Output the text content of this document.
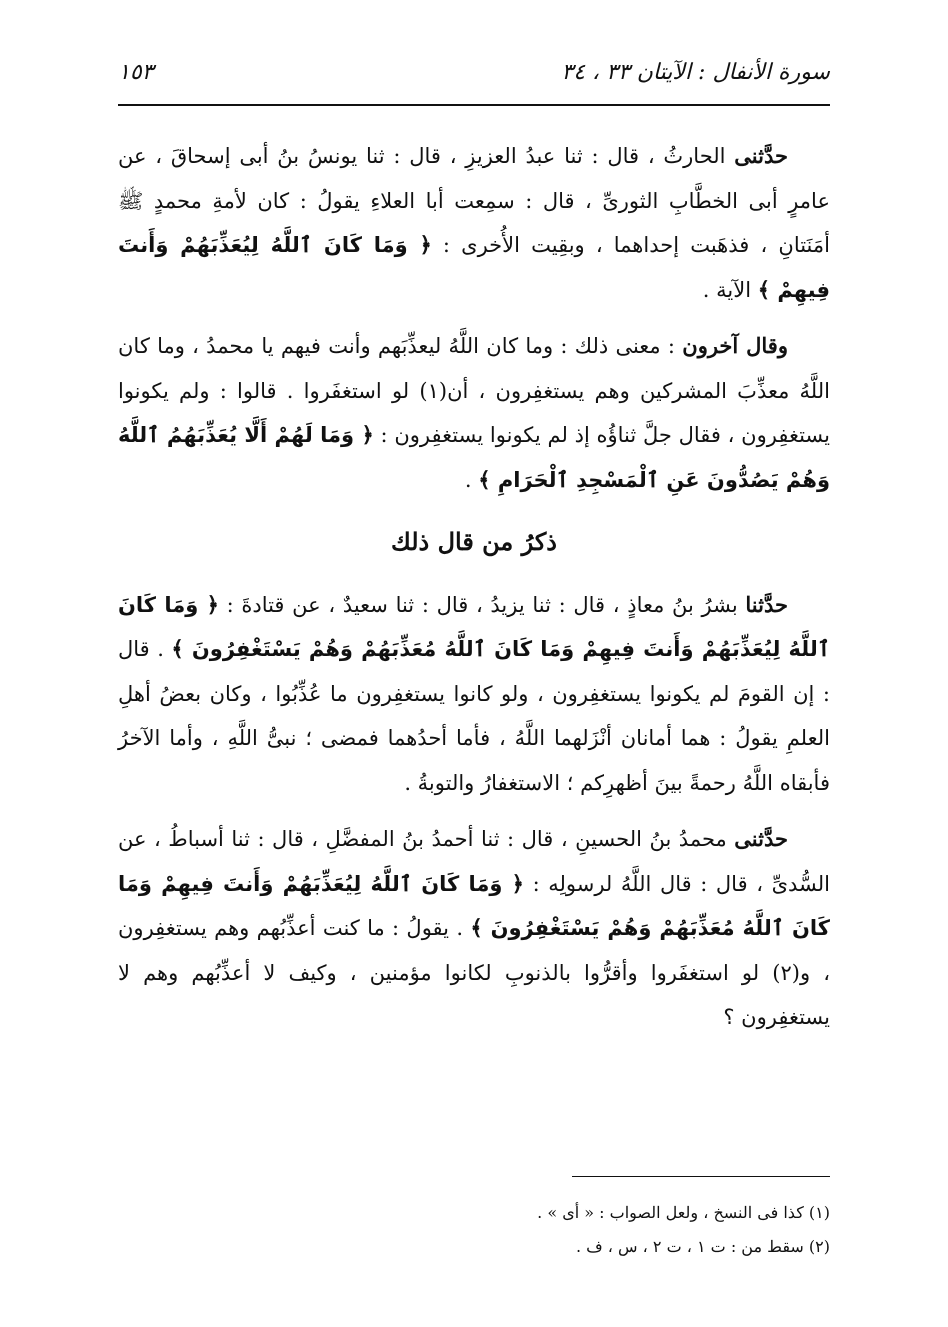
سورة الأنفال : الآيتان ٣٣ ، ٣٤
١٥٣

حدَّثنى الحارثُ ، قال : ثنا عبدُ العزيزِ ، قال : ثنا يونسُ بنُ أبى إسحاقَ ، عن عامرٍ أبى الخطَّابِ الثورىِّ ، قال : سمِعت أبا العلاءِ يقولُ : كان لأمةِ محمدٍ ﷺ أمَنَتانِ ، فذهَبت إحداهما ، وبقِيت الأُخرى : ﴿ وَمَا كَانَ ٱللَّهُ لِيُعَذِّبَهُمْ وَأَنتَ فِيهِمْ ﴾ الآية .

وقال آخرون : معنى ذلك : وما كان اللَّهُ ليعذِّبَهم وأنت فيهم يا محمدُ ، وما كان اللَّهُ معذِّبَ المشركين وهم يستغفِرون ، أن(١) لو استغفَروا . قالوا : ولم يكونوا يستغفِرون ، فقال جلَّ ثناؤُه إذ لم يكونوا يستغفِرون : ﴿ وَمَا لَهُمْ أَلَّا يُعَذِّبَهُمُ ٱللَّهُ وَهُمْ يَصُدُّونَ عَنِ ٱلْمَسْجِدِ ٱلْحَرَامِ ﴾ .

ذكرُ من قال ذلك

حدَّثنا بشرُ بنُ معاذٍ ، قال : ثنا يزيدُ ، قال : ثنا سعيدٌ ، عن قتادةَ : ﴿ وَمَا كَانَ ٱللَّهُ لِيُعَذِّبَهُمْ وَأَنتَ فِيهِمْ وَمَا كَانَ ٱللَّهُ مُعَذِّبَهُمْ وَهُمْ يَسْتَغْفِرُونَ ﴾ . قال : إن القومَ لم يكونوا يستغفِرون ، ولو كانوا يستغفِرون ما عُذِّبُوا ، وكان بعضُ أهلِ العلمِ يقولُ : هما أمانان أنْزَلهما اللَّهُ ، فأما أحدُهما فمضى ؛ نبىُّ اللَّهِ ، وأما الآخرُ فأبقاه اللَّهُ رحمةً بينَ أظهرِكم ؛ الاستغفارُ والتوبةُ .

حدَّثنى محمدُ بنُ الحسينِ ، قال : ثنا أحمدُ بنُ المفضَّلِ ، قال : ثنا أسباطُ ، عن السُّدىِّ ، قال : قال اللَّهُ لرسولِه : ﴿ وَمَا كَانَ ٱللَّهُ لِيُعَذِّبَهُمْ وَأَنتَ فِيهِمْ وَمَا كَانَ ٱللَّهُ مُعَذِّبَهُمْ وَهُمْ يَسْتَغْفِرُونَ ﴾ . يقولُ : ما كنت أعذِّبُهم وهم يستغفِرون ، و(٢) لو استغفَروا وأقرُّوا بالذنوبِ لكانوا مؤمنين ، وكيف لا أعذِّبُهم وهم لا يستغفِرون ؟

(١) كذا فى النسخ ، ولعل الصواب : « أى » .
(٢) سقط من : ت ١ ، ت ٢ ، س ، ف .
